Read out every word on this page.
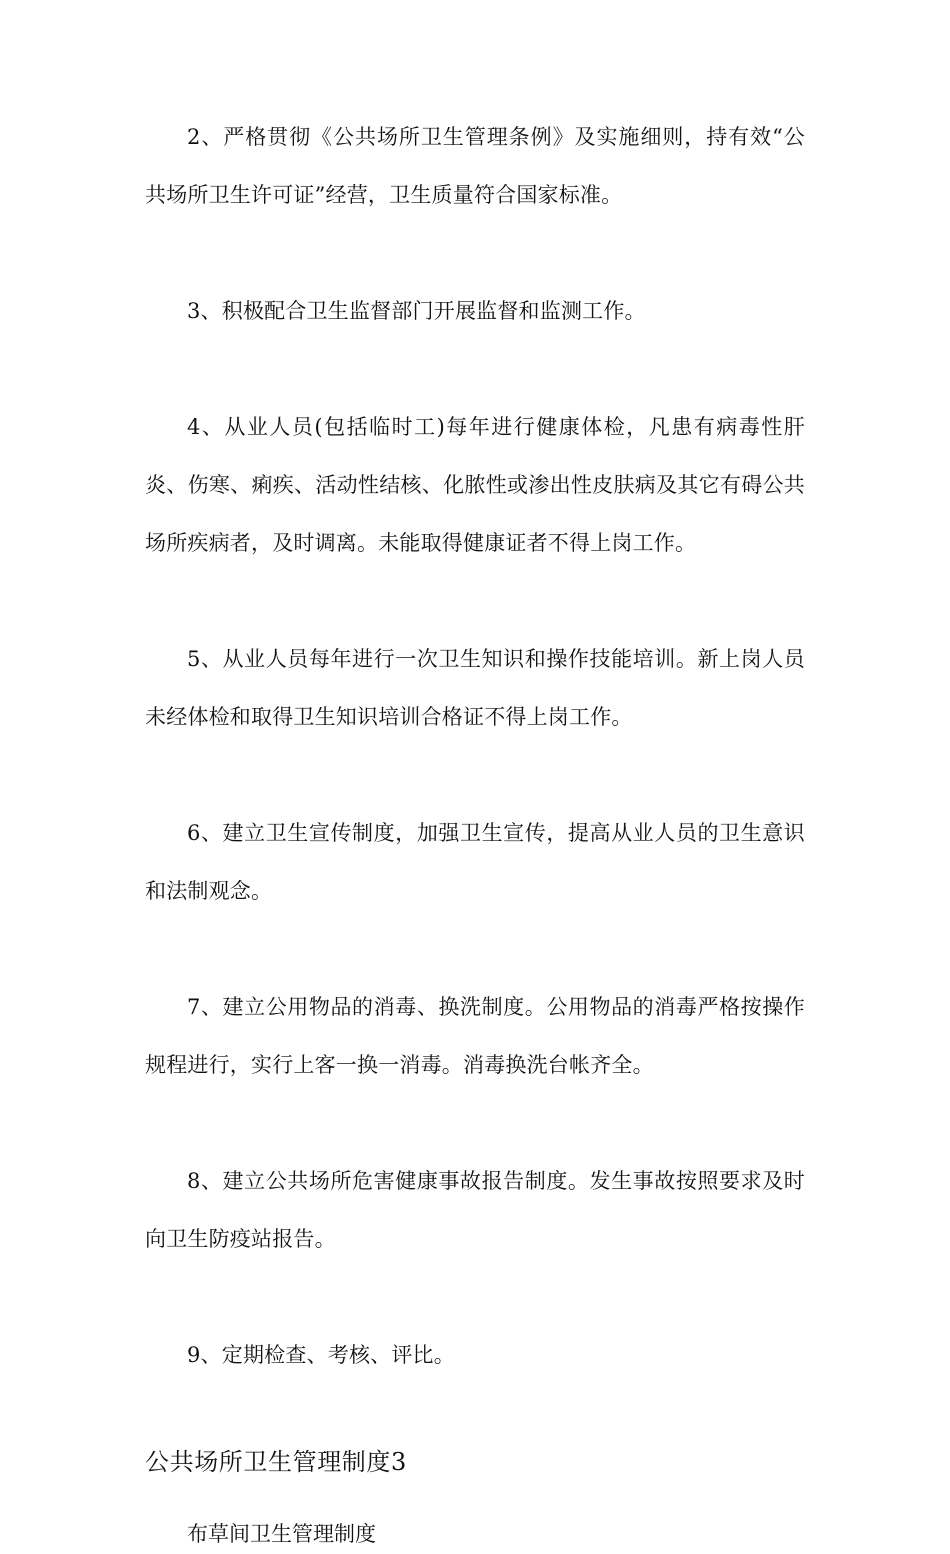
2、严格贯彻《公共场所卫生管理条例》及实施细则，持有效“公共场所卫生许可证”经营，卫生质量符合国家标准。

3、积极配合卫生监督部门开展监督和监测工作。

4、从业人员(包括临时工)每年进行健康体检，凡患有病毒性肝炎、伤寒、痢疾、活动性结核、化脓性或渗出性皮肤病及其它有碍公共场所疾病者，及时调离。未能取得健康证者不得上岗工作。

5、从业人员每年进行一次卫生知识和操作技能培训。新上岗人员未经体检和取得卫生知识培训合格证不得上岗工作。

6、建立卫生宣传制度，加强卫生宣传，提高从业人员的卫生意识和法制观念。

7、建立公用物品的消毒、换洗制度。公用物品的消毒严格按操作规程进行，实行上客一换一消毒。消毒换洗台帐齐全。

8、建立公共场所危害健康事故报告制度。发生事故按照要求及时向卫生防疫站报告。

9、定期检查、考核、评比。

公共场所卫生管理制度3

布草间卫生管理制度
